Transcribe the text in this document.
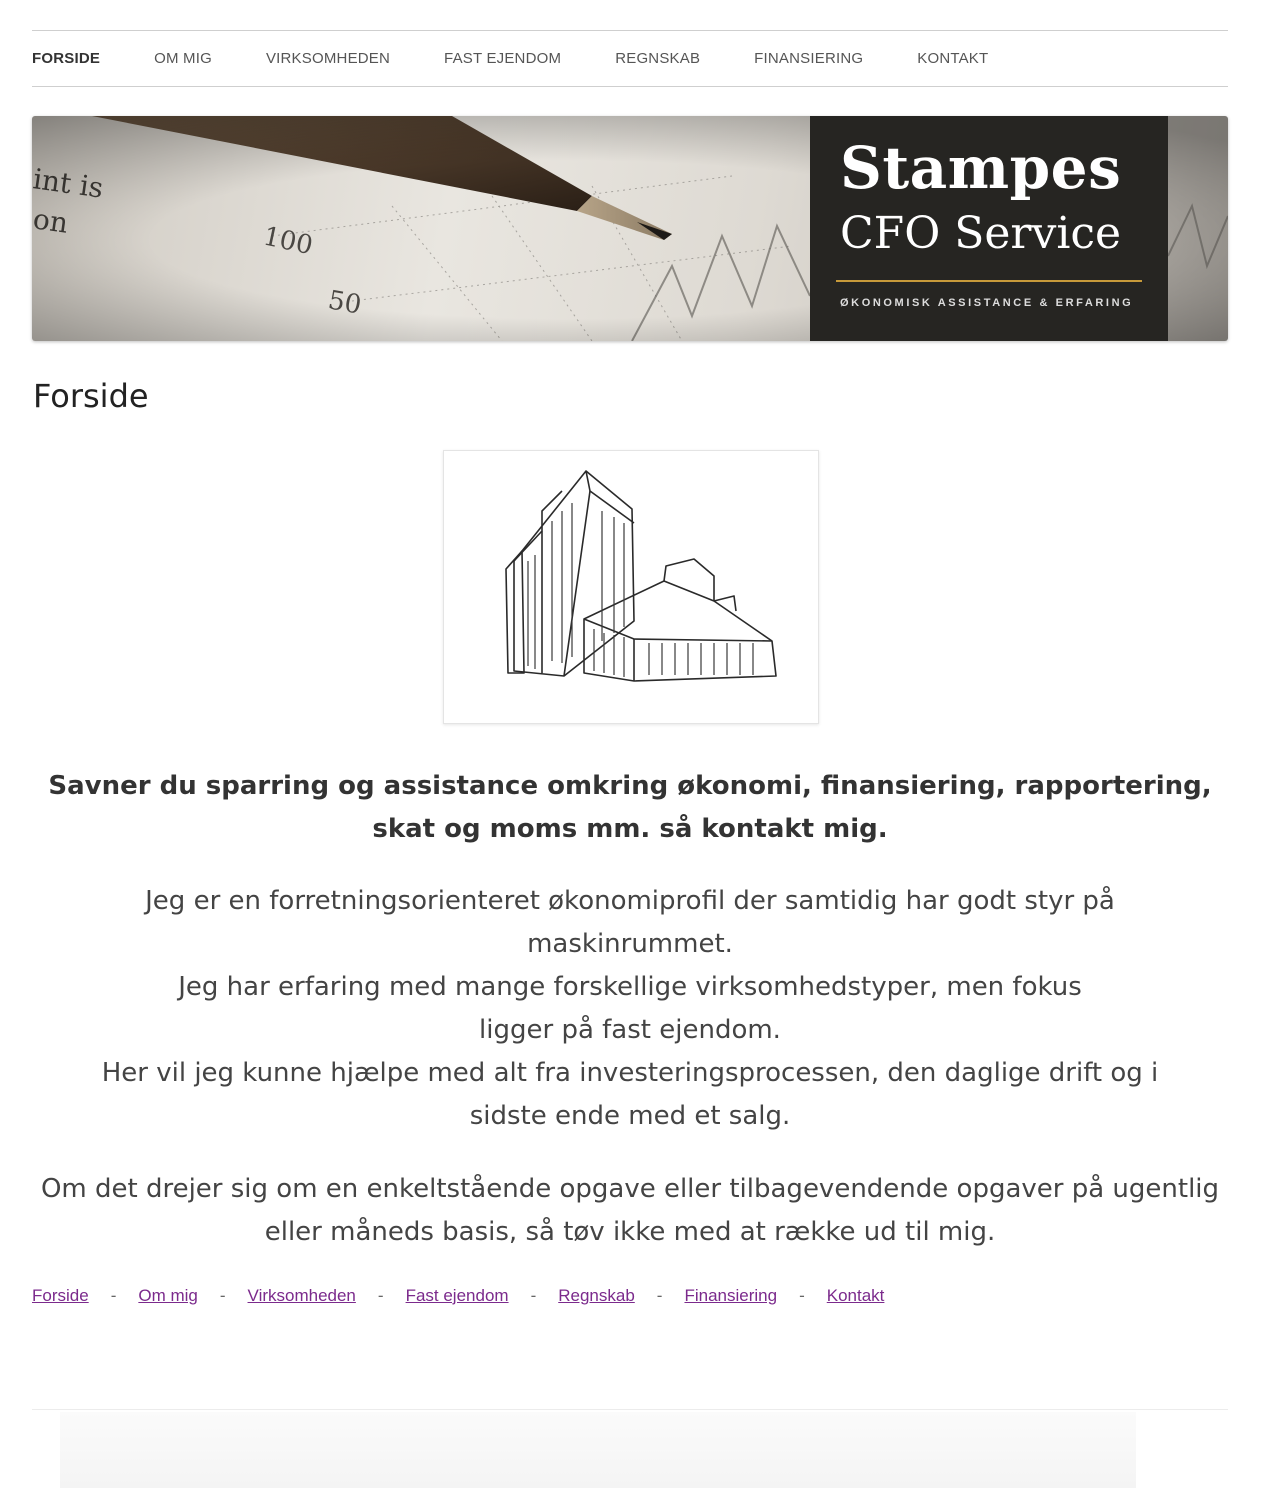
FORSIDE	OM MIG	VIRKSOMHEDEN	FAST EJENDOM	REGNSKAB	FINANSIERING	KONTAKT
Stampes
CFO Service
ØKONOMISK ASSISTANCE & ERFARING
Forside

Savner du sparring og assistance omkring økonomi, finansiering, rapportering, skat og moms mm. så kontakt mig.

Jeg er en forretningsorienteret økonomiprofil der samtidig har godt styr på maskinrummet.
Jeg har erfaring med mange forskellige virksomhedstyper, men fokus ligger på fast ejendom.
Her vil jeg kunne hjælpe med alt fra investeringsprocessen, den daglige drift og i sidste ende med et salg.

Om det drejer sig om en enkeltstående opgave eller tilbagevendende opgaver på ugentlig eller måneds basis, så tøv ikke med at række ud til mig.

Forside - Om mig - Virksomheden - Fast ejendom - Regnskab - Finansiering - Kontakt
